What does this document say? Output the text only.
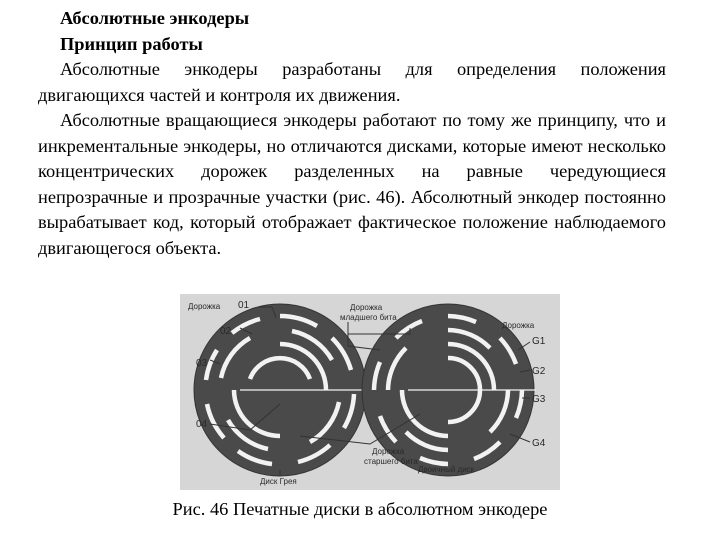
Абсолютные энкодеры

Принцип работы

Абсолютные энкодеры разработаны для определения положения двигающихся частей и контроля их движения.

Абсолютные вращающиеся энкодеры работают по тому же принципу, что и инкрементальные энкодеры, но отличаются дисками, которые имеют несколько концентрических дорожек разделенных на равные чередующиеся непрозрачные и прозрачные участки (рис. 46). Абсолютный энкодер постоянно вырабатывает код, который отображает фактическое положение наблюдаемого двигающегося объекта.

Дорожка 01
02
03
04
Дорожка
младшего бита
Дорожка
старшего бита
Дорожка
G1
G2
G3
G4
Диск Грея
Двоичный диск
Рис. 46 Печатные диски в абсолютном энкодере
